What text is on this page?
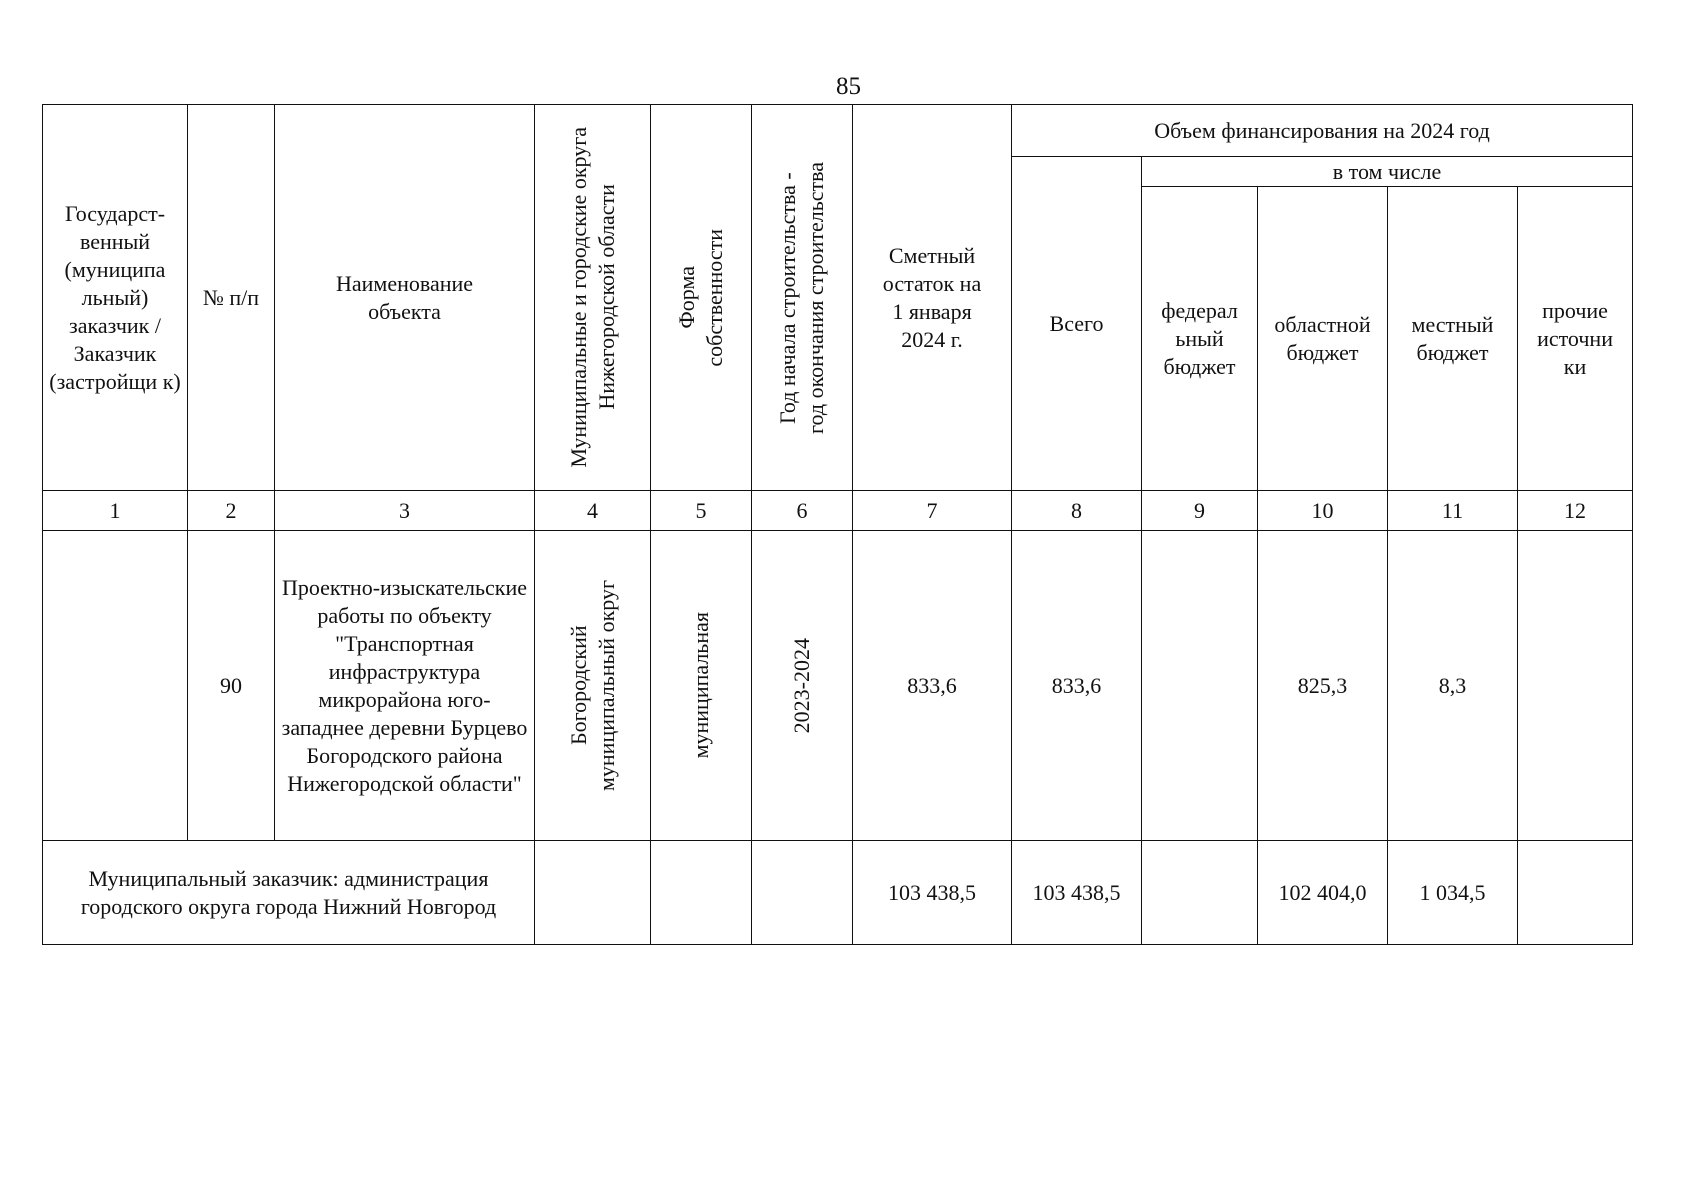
85
Государст-венный (муниципа льный) заказчик / Заказчик (застройщи к)	№ п/п	Наименование объекта	Муниципальные и городские округа Нижегородской области	Форма собственности	Год начала строительства - год окончания строительства	Сметный остаток на 1 января 2024 г.	Объем финансирования на 2024 год				
							Всего	в том числе			
								федерал ьный бюджет	областной бюджет	местный бюджет	прочие источни ки
1	2	3	4	5	6	7	8	9	10	11	12
	90	Проектно-изыскательские работы по объекту "Транспортная инфраструктура микрорайона юго-западнее деревни Бурцево Богородского района Нижегородской области"	Богородский муниципальный округ	муниципальная	2023-2024	833,6	833,6		825,3	8,3	
Муниципальный заказчик: администрация городского округа города Нижний Новгород						103 438,5	103 438,5		102 404,0	1 034,5	
